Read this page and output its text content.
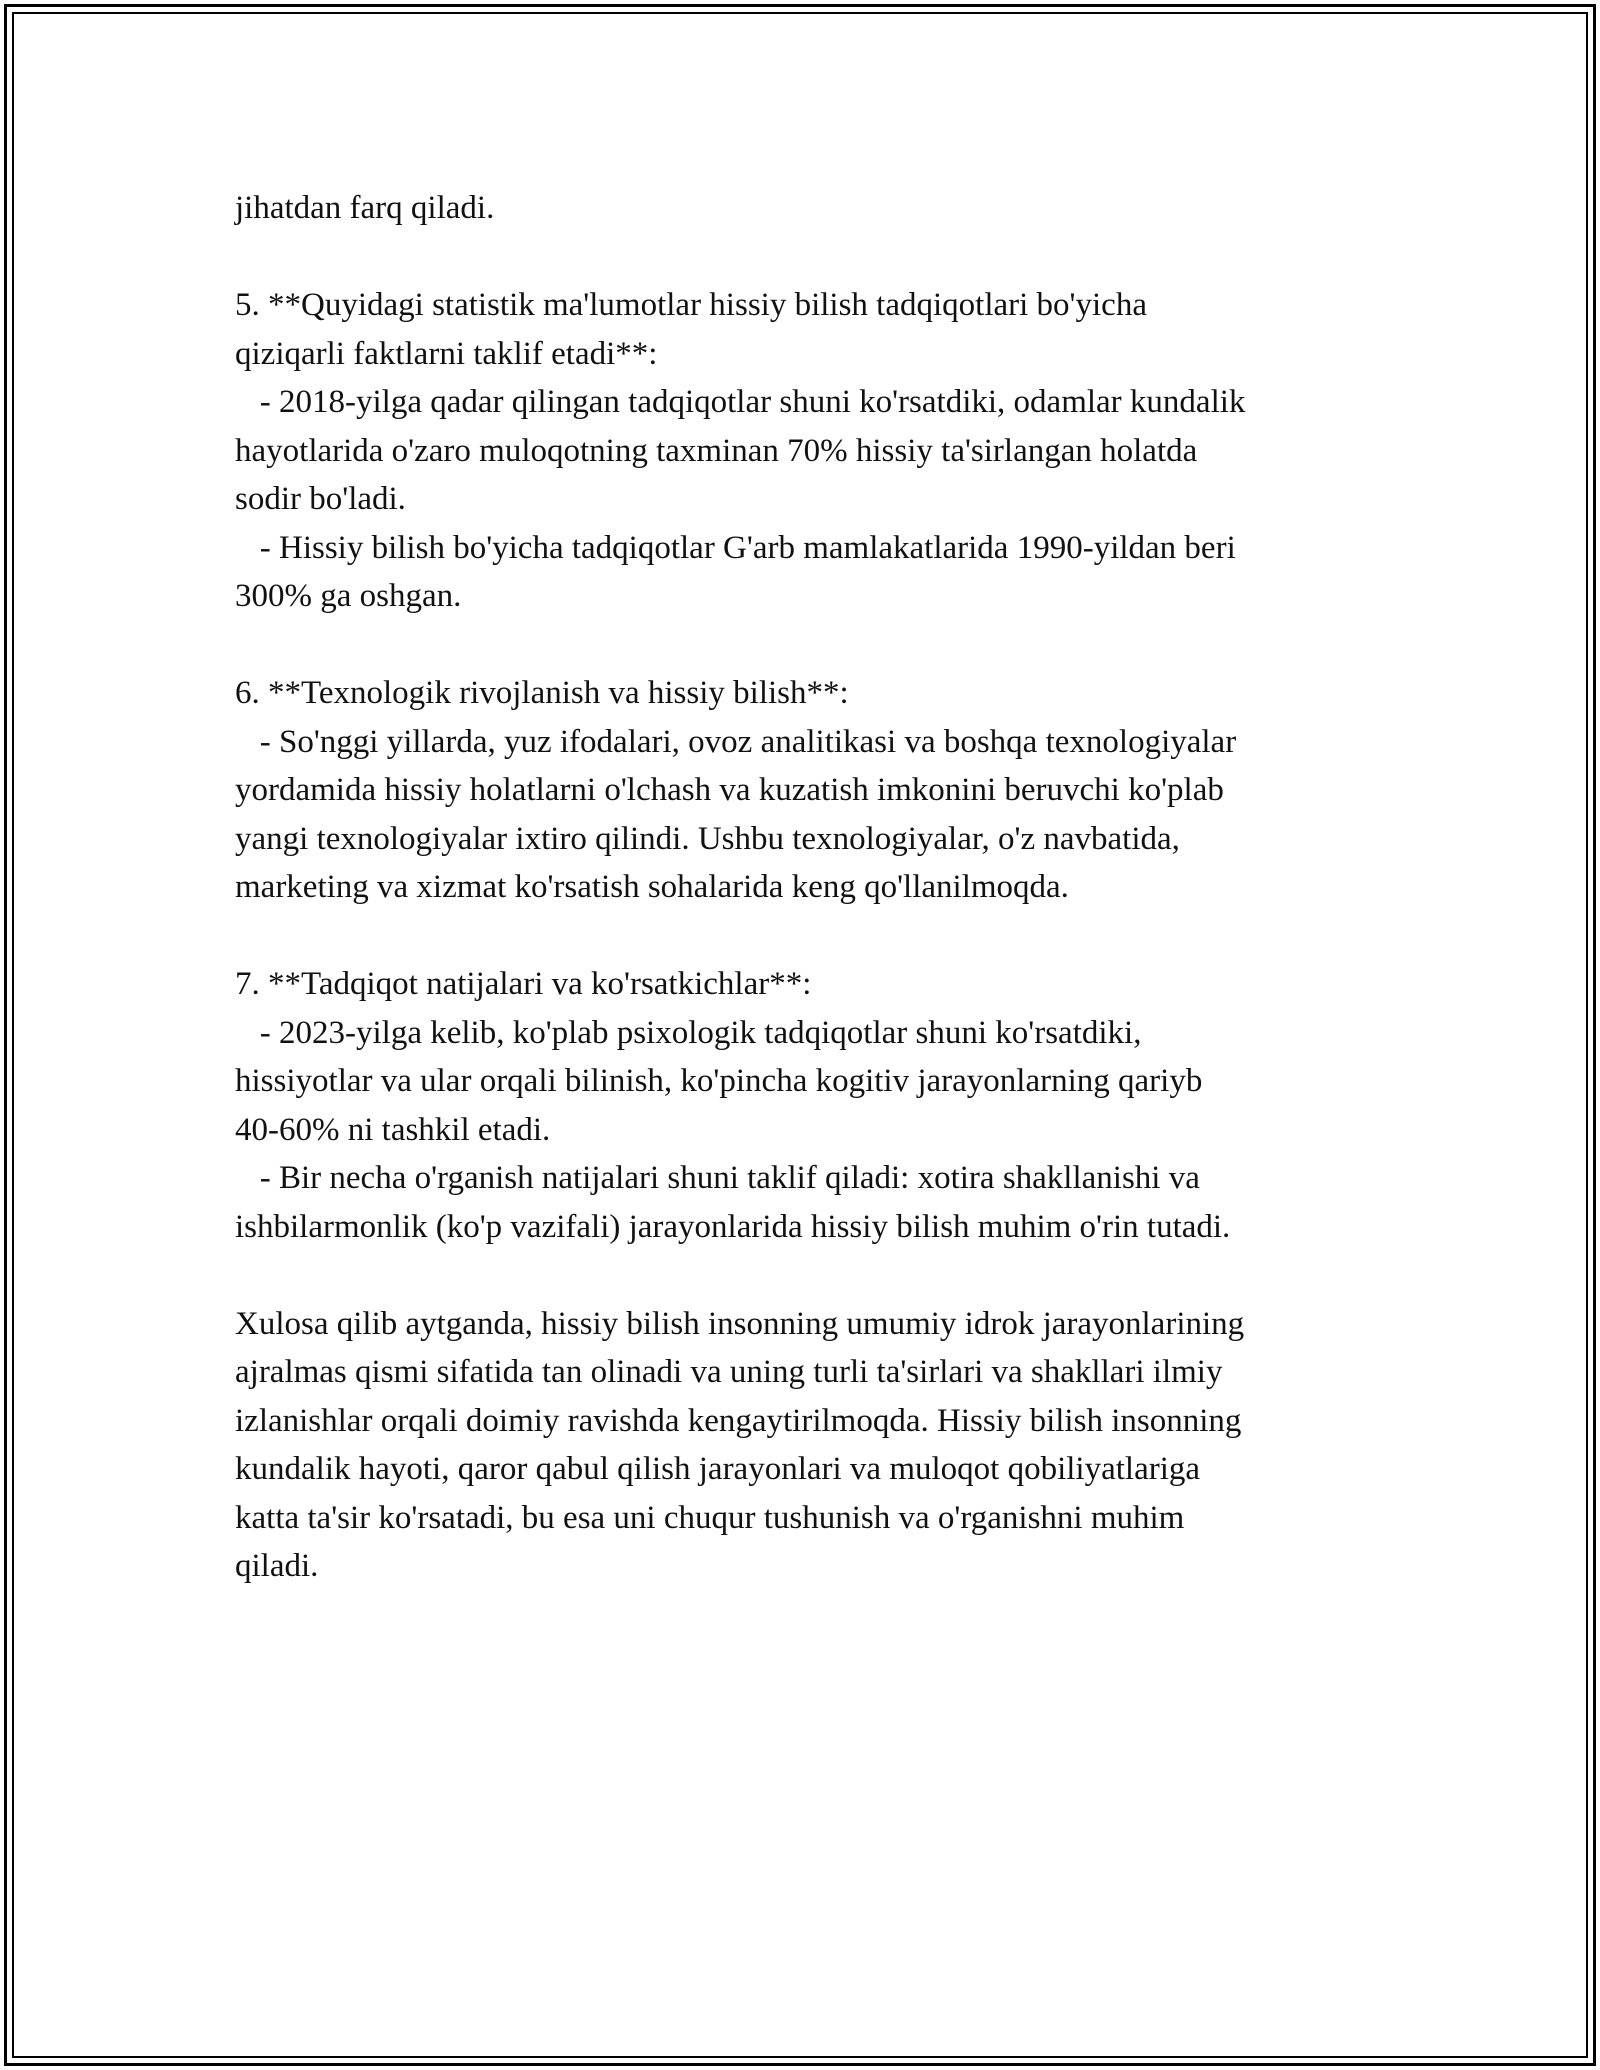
jihatdan farq qiladi.

5. **Quyidagi statistik ma'lumotlar hissiy bilish tadqiqotlari bo'yicha

qiziqarli faktlarni taklif etadi**:

- 2018-yilga qadar qilingan tadqiqotlar shuni ko'rsatdiki, odamlar kundalik

hayotlarida o'zaro muloqotning taxminan 70% hissiy ta'sirlangan holatda

sodir bo'ladi.

- Hissiy bilish bo'yicha tadqiqotlar G'arb mamlakatlarida 1990-yildan beri

300% ga oshgan.

6. **Texnologik rivojlanish va hissiy bilish**:

- So'nggi yillarda, yuz ifodalari, ovoz analitikasi va boshqa texnologiyalar

yordamida hissiy holatlarni o'lchash va kuzatish imkonini beruvchi ko'plab

yangi texnologiyalar ixtiro qilindi. Ushbu texnologiyalar, o'z navbatida,

marketing va xizmat ko'rsatish sohalarida keng qo'llanilmoqda.

7. **Tadqiqot natijalari va ko'rsatkichlar**:

- 2023-yilga kelib, ko'plab psixologik tadqiqotlar shuni ko'rsatdiki,

hissiyotlar va ular orqali bilinish, ko'pincha kogitiv jarayonlarning qariyb

40-60% ni tashkil etadi.

- Bir necha o'rganish natijalari shuni taklif qiladi: xotira shakllanishi va

ishbilarmonlik (ko'p vazifali) jarayonlarida hissiy bilish muhim o'rin tutadi.

Xulosa qilib aytganda, hissiy bilish insonning umumiy idrok jarayonlarining

ajralmas qismi sifatida tan olinadi va uning turli ta'sirlari va shakllari ilmiy

izlanishlar orqali doimiy ravishda kengaytirilmoqda. Hissiy bilish insonning

kundalik hayoti, qaror qabul qilish jarayonlari va muloqot qobiliyatlariga

katta ta'sir ko'rsatadi, bu esa uni chuqur tushunish va o'rganishni muhim

qiladi.
